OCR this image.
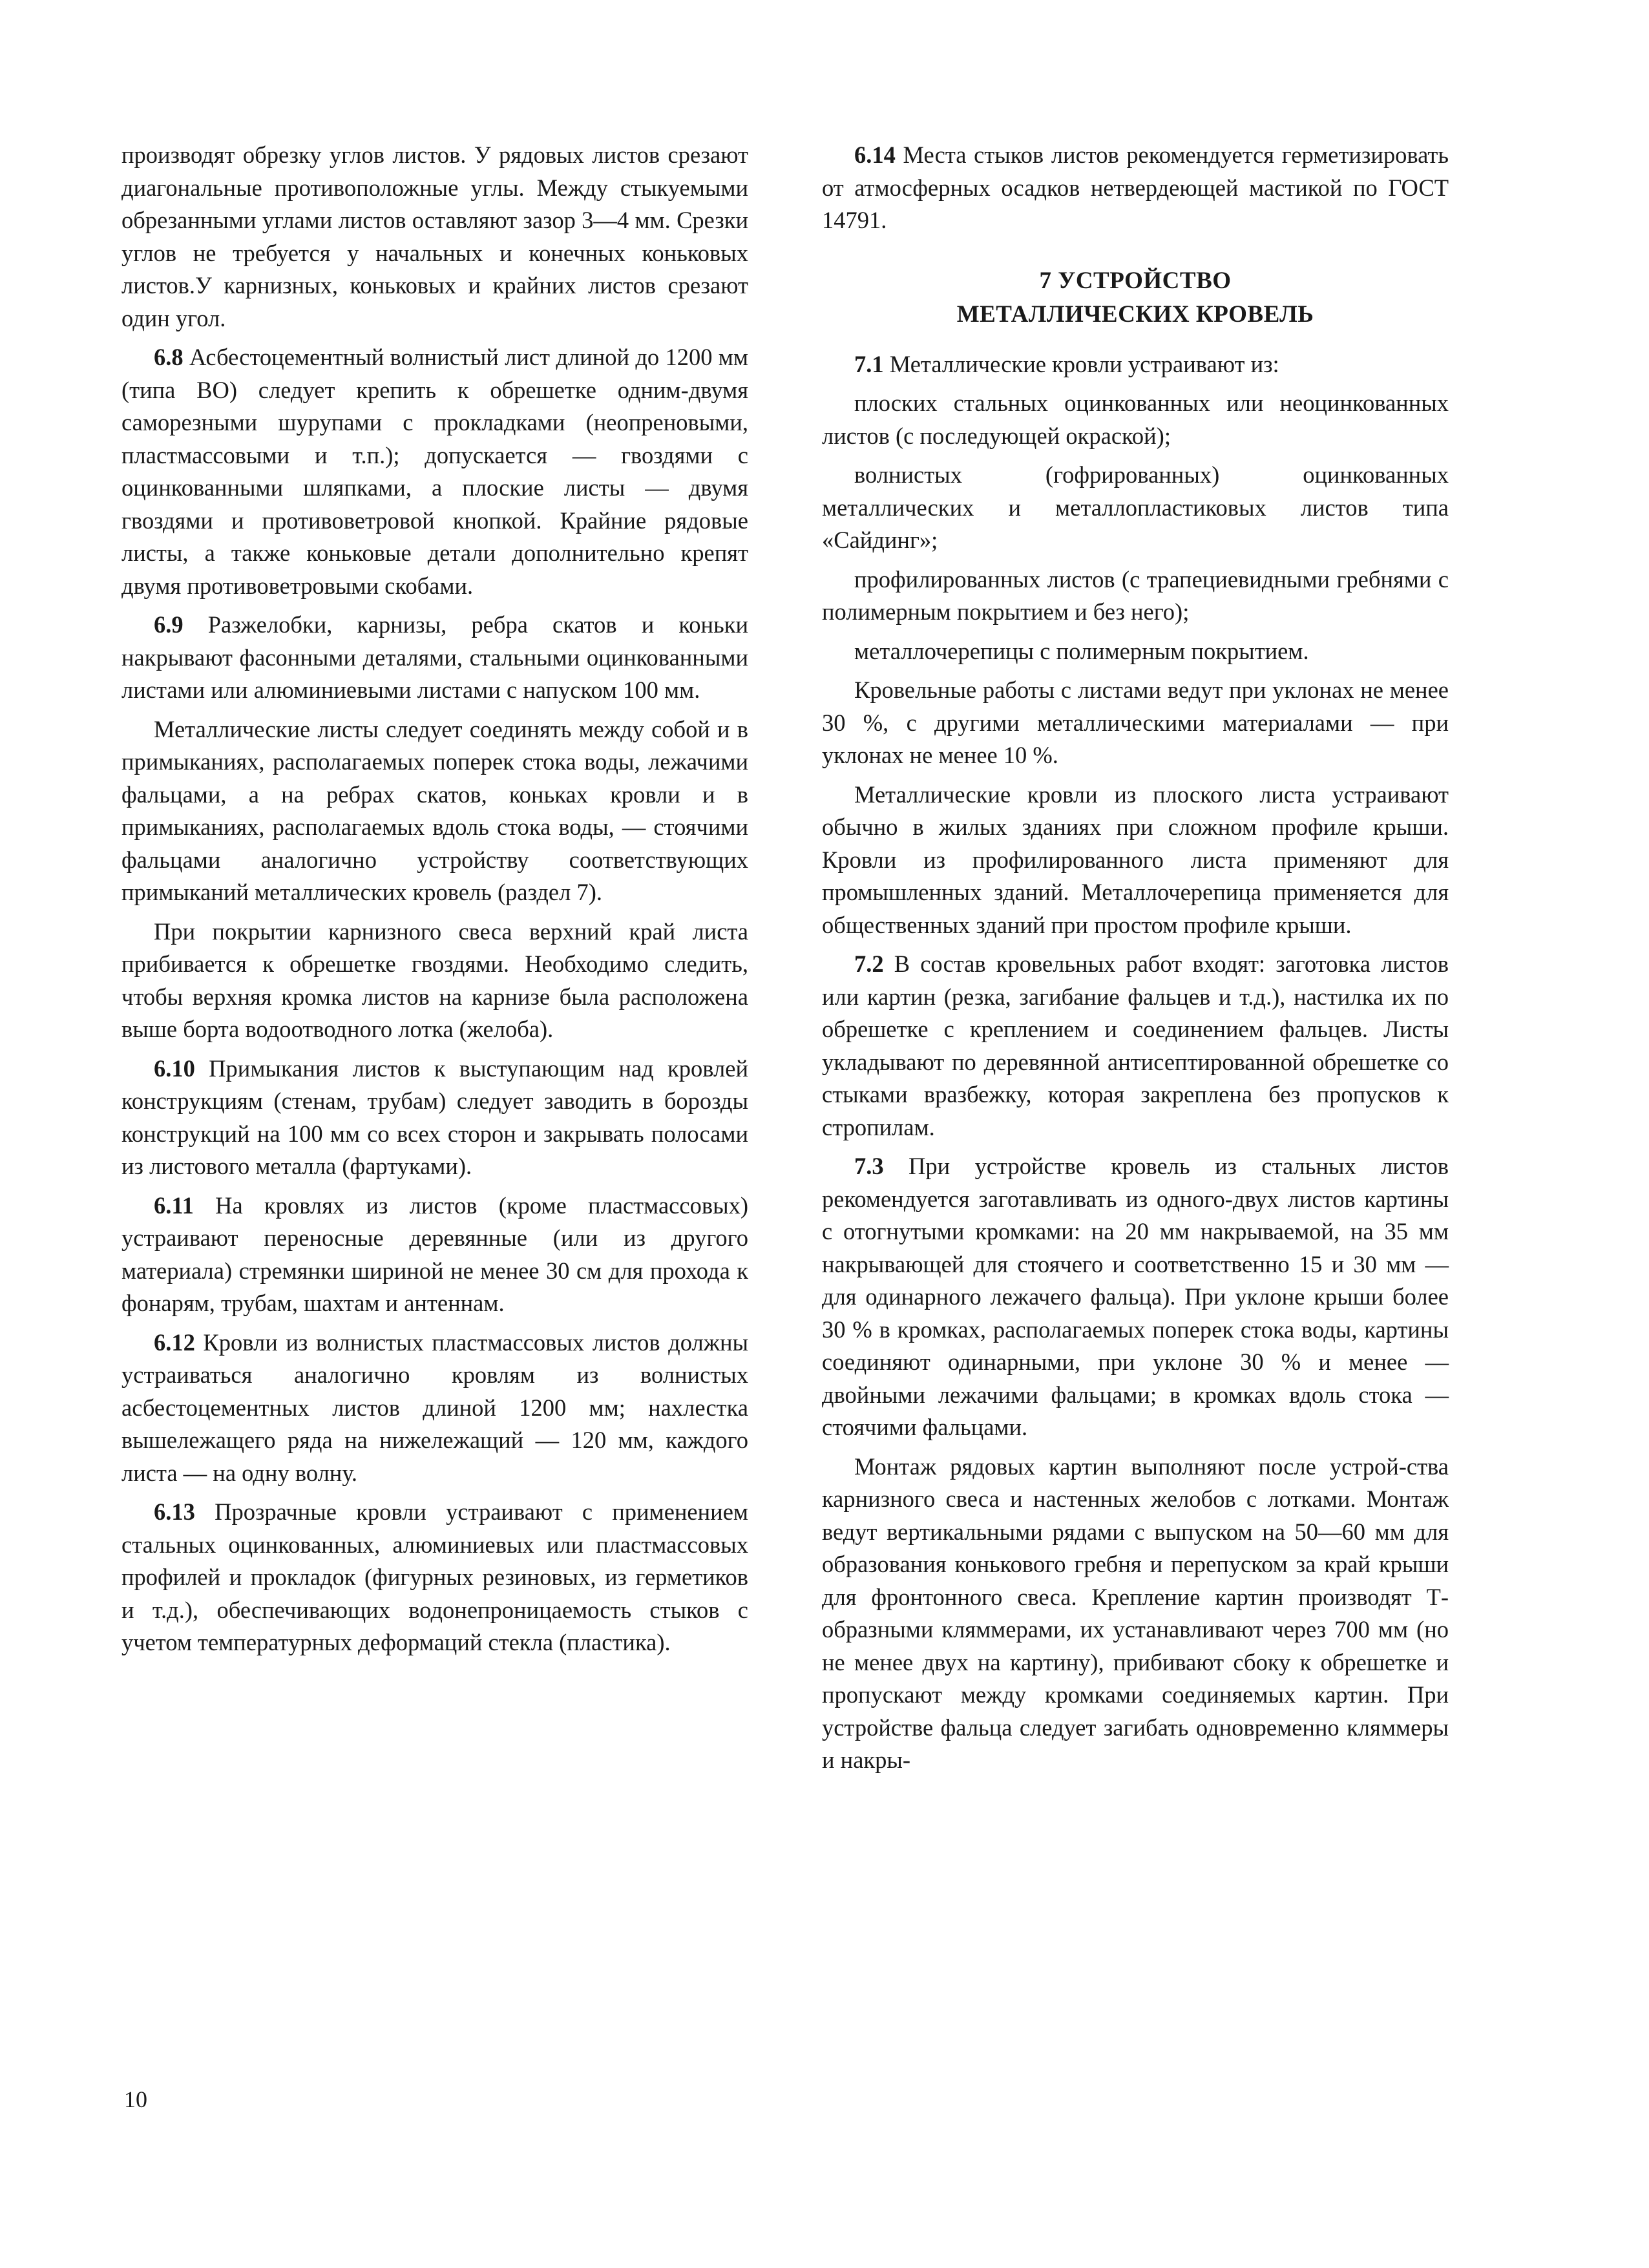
производят обрезку углов листов. У рядовых листов срезают диагональные противоположные углы. Между стыкуемыми обрезанными углами листов оставляют зазор 3—4 мм. Срезки углов не требуется у начальных и конечных коньковых листов.У карнизных, коньковых и крайних листов срезают один угол.

6.8 Асбестоцементный волнистый лист длиной до 1200 мм (типа ВО) следует крепить к обрешетке одним-двумя саморезными шурупами с прокладками (неопреновыми, пластмассовыми и т.п.); допускается — гвоздями с оцинкованными шляпками, а плоские листы — двумя гвоздями и противоветровой кнопкой. Крайние рядовые листы, а также коньковые детали дополнительно крепят двумя противоветровыми скобами.

6.9 Разжелобки, карнизы, ребра скатов и коньки накрывают фасонными деталями, стальными оцинкованными листами или алюминиевыми листами с напуском 100 мм.

Металлические листы следует соединять между собой и в примыканиях, располагаемых поперек стока воды, лежачими фальцами, а на ребрах скатов, коньках кровли и в примыканиях, располагаемых вдоль стока воды, — стоячими фальцами аналогично устройству соответствующих примыканий металлических кровель (раздел 7).

При покрытии карнизного свеса верхний край листа прибивается к обрешетке гвоздями. Необходимо следить, чтобы верхняя кромка листов на карнизе была расположена выше борта водоотводного лотка (желоба).

6.10 Примыкания листов к выступающим над кровлей конструкциям (стенам, трубам) следует заводить в борозды конструкций на 100 мм со всех сторон и закрывать полосами из листового металла (фартуками).

6.11 На кровлях из листов (кроме пластмассовых) устраивают переносные деревянные (или из другого материала) стремянки шириной не менее 30 см для прохода к фонарям, трубам, шахтам и антеннам.

6.12 Кровли из волнистых пластмассовых листов должны устраиваться аналогично кровлям из волнистых асбестоцементных листов длиной 1200 мм; нахлестка вышележащего ряда на нижележащий — 120 мм, каждого листа — на одну волну.

6.13 Прозрачные кровли устраивают с применением стальных оцинкованных, алюминиевых или пластмассовых профилей и прокладок (фигурных резиновых, из герметиков и т.д.), обеспечивающих водонепроницаемость стыков с учетом температурных деформаций стекла (пластика).

6.14 Места стыков листов рекомендуется герметизировать от атмосферных осадков нетвердеющей мастикой по ГОСТ 14791.

7 УСТРОЙСТВО
МЕТАЛЛИЧЕСКИХ КРОВЕЛЬ

7.1 Металлические кровли устраивают из:

плоских стальных оцинкованных или неоцинкованных листов (с последующей окраской);

волнистых (гофрированных) оцинкованных металлических и металлопластиковых листов типа «Сайдинг»;

профилированных листов (с трапециевидными гребнями с полимерным покрытием и без него);

металлочерепицы с полимерным покрытием.

Кровельные работы с листами ведут при уклонах не менее 30 %, с другими металлическими материалами — при уклонах не менее 10 %.

Металлические кровли из плоского листа устраивают обычно в жилых зданиях при сложном профиле крыши. Кровли из профилированного листа применяют для промышленных зданий. Металлочерепица применяется для общественных зданий при простом профиле крыши.

7.2 В состав кровельных работ входят: заготовка листов или картин (резка, загибание фальцев и т.д.), настилка их по обрешетке с креплением и соединением фальцев. Листы укладывают по деревянной антисептированной обрешетке со стыками вразбежку, которая закреплена без пропусков к стропилам.

7.3 При устройстве кровель из стальных листов рекомендуется заготавливать из одного-двух листов картины с отогнутыми кромками: на 20 мм накрываемой, на 35 мм накрывающей для стоячего и соответственно 15 и 30 мм — для одинарного лежачего фальца). При уклоне крыши более 30 % в кромках, располагаемых поперек стока воды, картины соединяют одинарными, при уклоне 30 % и менее — двойными лежачими фальцами; в кромках вдоль стока — стоячими фальцами.

Монтаж рядовых картин выполняют после устрой-ства карнизного свеса и настенных желобов с лотками. Монтаж ведут вертикальными рядами с выпуском на 50—60 мм для образования конькового гребня и перепуском за край крыши для фронтонного свеса. Крепление картин производят Т-образными кляммерами, их устанавливают через 700 мм (но не менее двух на картину), прибивают сбоку к обрешетке и пропускают между кромками соединяемых картин. При устройстве фальца следует загибать одновременно кляммеры и накры-

10
